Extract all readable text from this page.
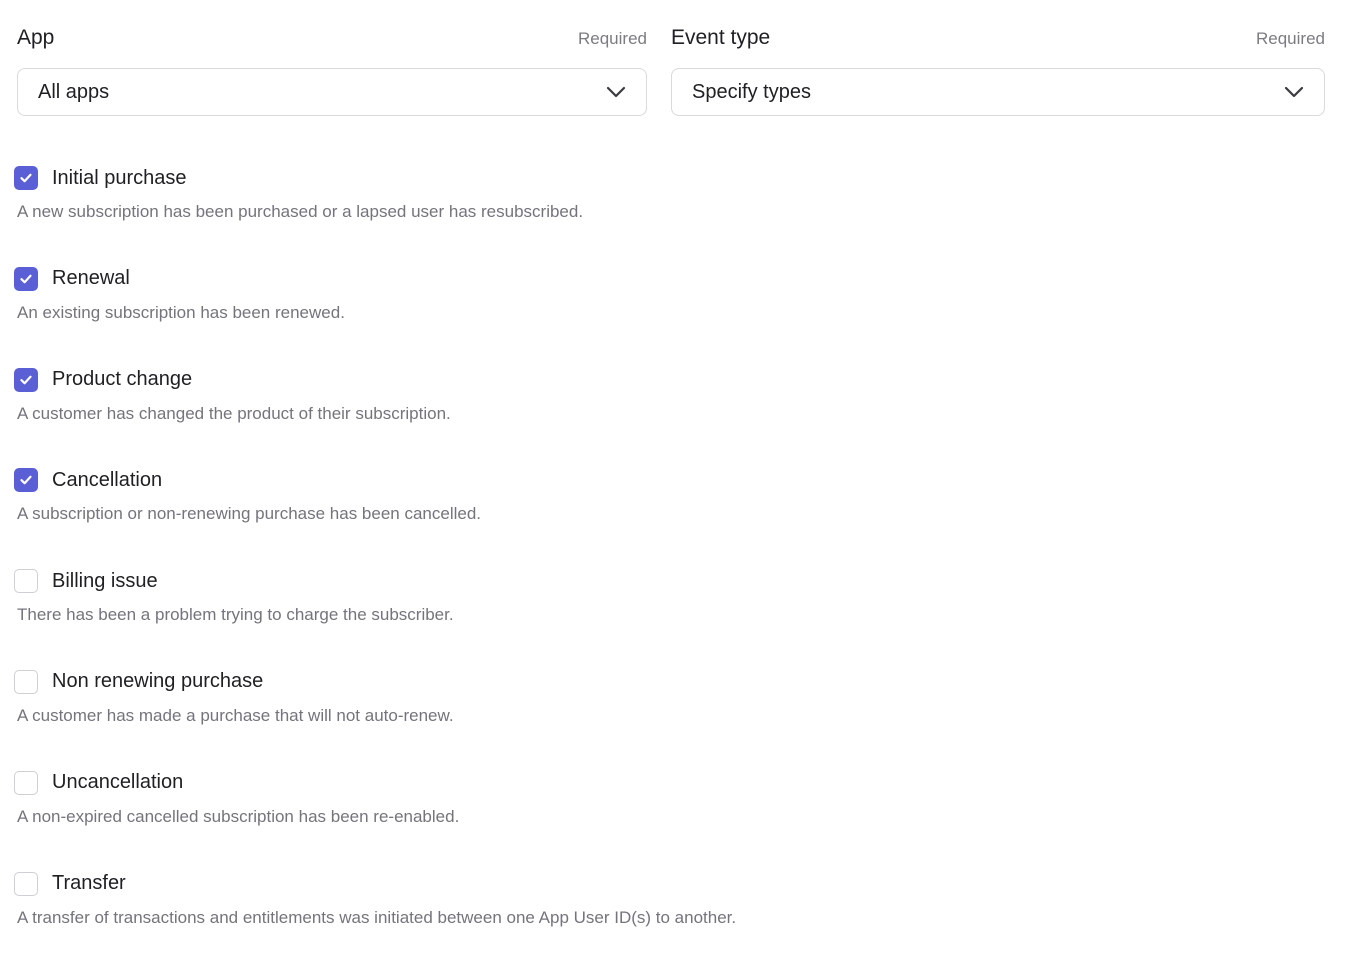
App	Required
All apps
Event type	Required
Specify types
Initial purchase
A new subscription has been purchased or a lapsed user has resubscribed.
Renewal
An existing subscription has been renewed.
Product change
A customer has changed the product of their subscription.
Cancellation
A subscription or non-renewing purchase has been cancelled.
Billing issue
There has been a problem trying to charge the subscriber.
Non renewing purchase
A customer has made a purchase that will not auto-renew.
Uncancellation
A non-expired cancelled subscription has been re-enabled.
Transfer
A transfer of transactions and entitlements was initiated between one App User ID(s) to another.
